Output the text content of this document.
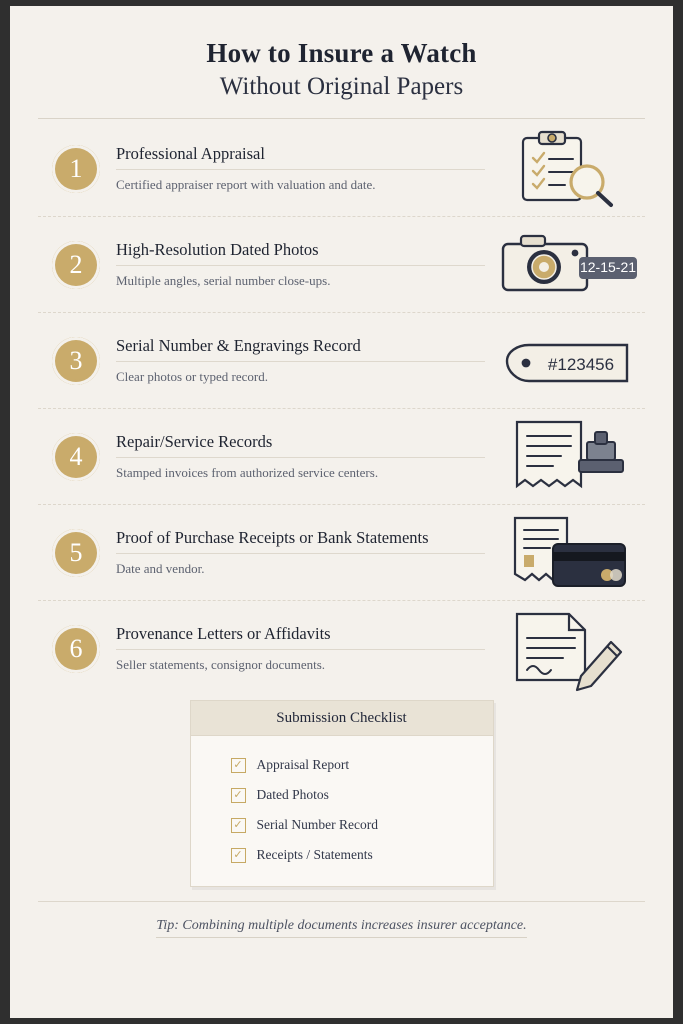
How to Insure a Watch
Without Original Papers
1	Professional Appraisal
Certified appraiser report with valuation and date.
2	High-Resolution Dated Photos
Multiple angles, serial number close-ups.
12-15-21
3	Serial Number & Engravings Record
Clear photos or typed record.
#123456
4	Repair/Service Records
Stamped invoices from authorized service centers.
5	Proof of Purchase Receipts or Bank Statements
Date and vendor.
6	Provenance Letters or Affidavits
Seller statements, consignor documents.
Submission Checklist
✓ Appraisal Report
✓ Dated Photos
✓ Serial Number Record
✓ Receipts / Statements
Tip: Combining multiple documents increases insurer acceptance.
